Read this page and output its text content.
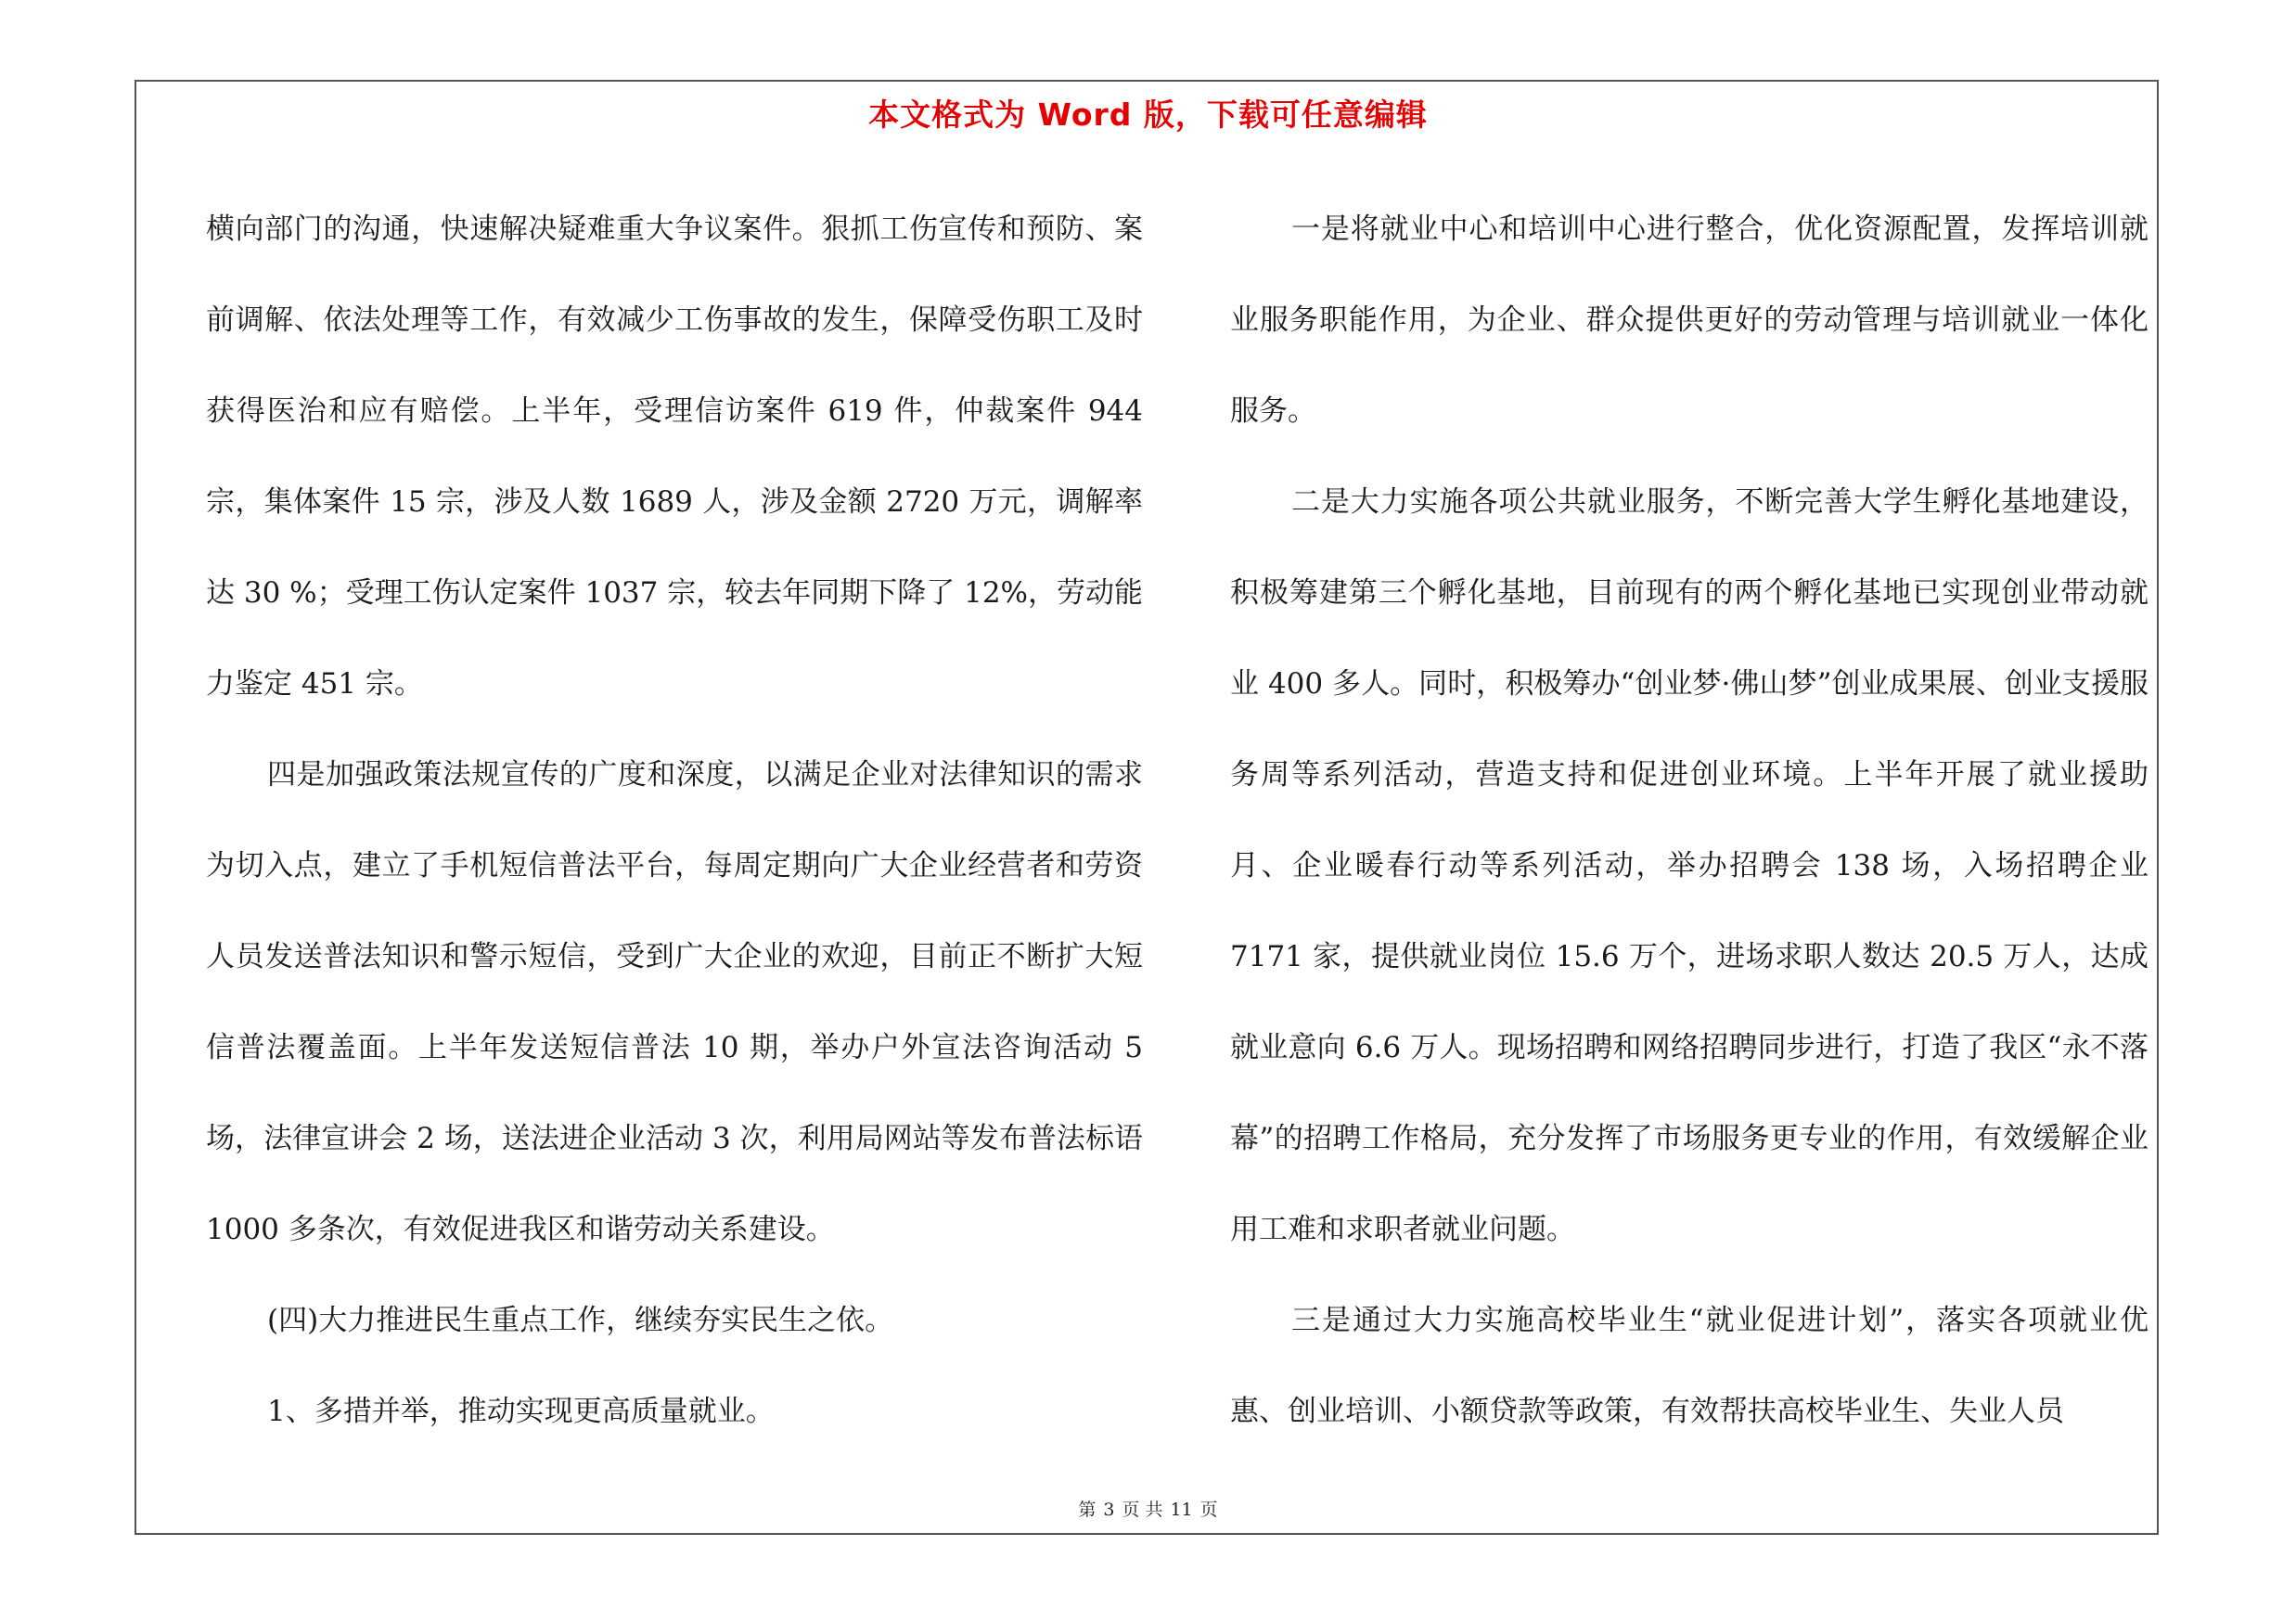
本文格式为 Word 版，下载可任意编辑

横向部门的沟通，快速解决疑难重大争议案件。狠抓工伤宣传和预防、案前调解、依法处理等工作，有效减少工伤事故的发生，保障受伤职工及时获得医治和应有赔偿。上半年，受理信访案件 619 件，仲裁案件 944 宗，集体案件 15 宗，涉及人数 1689 人，涉及金额 2720 万元，调解率达 30 %；受理工伤认定案件 1037 宗，较去年同期下降了 12%，劳动能力鉴定 451 宗。

四是加强政策法规宣传的广度和深度，以满足企业对法律知识的需求为切入点，建立了手机短信普法平台，每周定期向广大企业经营者和劳资人员发送普法知识和警示短信，受到广大企业的欢迎，目前正不断扩大短信普法覆盖面。上半年发送短信普法 10 期，举办户外宣法咨询活动 5 场，法律宣讲会 2 场，送法进企业活动 3 次，利用局网站等发布普法标语 1000 多条次，有效促进我区和谐劳动关系建设。

(四)大力推进民生重点工作，继续夯实民生之依。

1、多措并举，推动实现更高质量就业。

一是将就业中心和培训中心进行整合，优化资源配置，发挥培训就业服务职能作用，为企业、群众提供更好的劳动管理与培训就业一体化服务。

二是大力实施各项公共就业服务，不断完善大学生孵化基地建设，积极筹建第三个孵化基地，目前现有的两个孵化基地已实现创业带动就业 400 多人。同时，积极筹办“创业梦·佛山梦”创业成果展、创业支援服务周等系列活动，营造支持和促进创业环境。上半年开展了就业援助月、企业暖春行动等系列活动，举办招聘会 138 场，入场招聘企业 7171 家，提供就业岗位 15.6 万个，进场求职人数达 20.5 万人，达成就业意向 6.6 万人。现场招聘和网络招聘同步进行，打造了我区“永不落幕”的招聘工作格局，充分发挥了市场服务更专业的作用，有效缓解企业用工难和求职者就业问题。

三是通过大力实施高校毕业生“就业促进计划”，落实各项就业优惠、创业培训、小额贷款等政策，有效帮扶高校毕业生、失业人员

第 3 页 共 11 页
